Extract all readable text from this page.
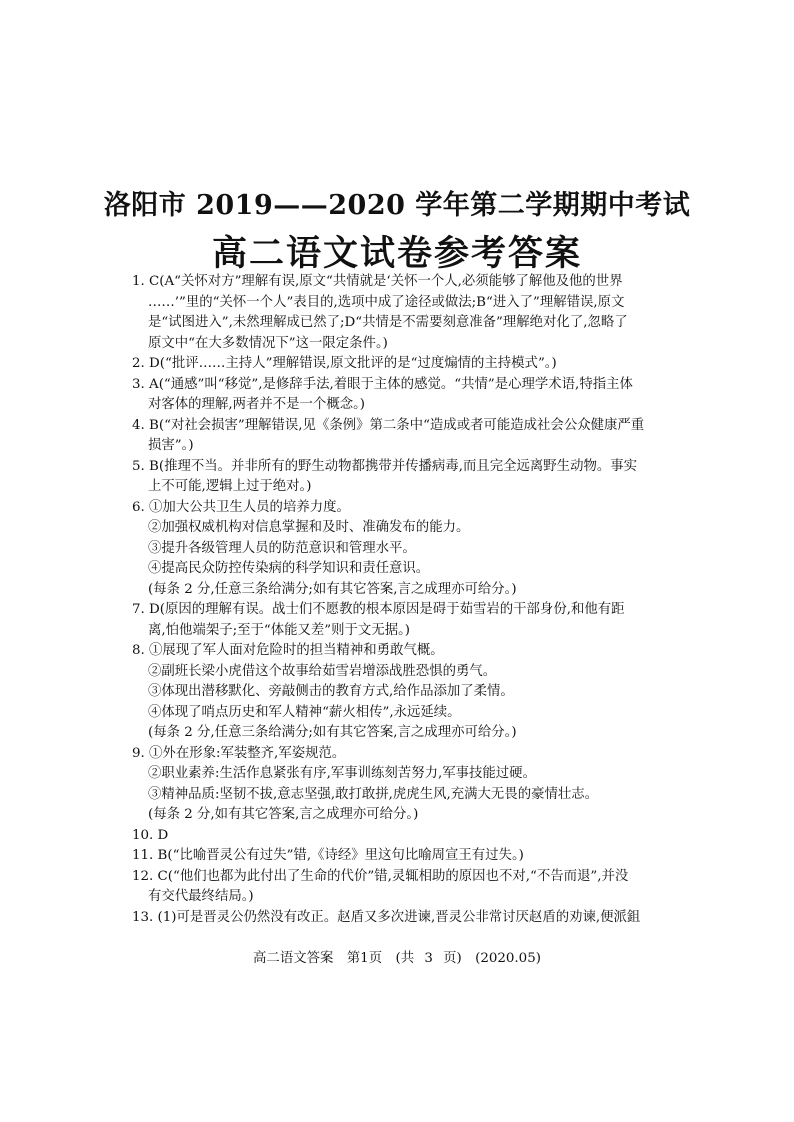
洛阳市 2019——2020 学年第二学期期中考试
高二语文试卷参考答案
1. C(A“关怀对方”理解有误,原文“共情就是‘关怀一个人,必须能够了解他及他的世界
……’”里的“关怀一个人”表目的,选项中成了途径或做法;B“进入了”理解错误,原文
是“试图进入”,未然理解成已然了;D“共情是不需要刻意准备”理解绝对化了,忽略了
原文中“在大多数情况下”这一限定条件。)
2. D(“批评……主持人”理解错误,原文批评的是“过度煽情的主持模式”。)
3. A(“通感”叫“移觉”,是修辞手法,着眼于主体的感觉。“共情”是心理学术语,特指主体
对客体的理解,两者并不是一个概念。)
4. B(“对社会损害”理解错误,见《条例》第二条中“造成或者可能造成社会公众健康严重
损害”。)
5. B(推理不当。并非所有的野生动物都携带并传播病毒,而且完全远离野生动物。事实
上不可能,逻辑上过于绝对。)
6. ①加大公共卫生人员的培养力度。
②加强权威机构对信息掌握和及时、准确发布的能力。
③提升各级管理人员的防范意识和管理水平。
④提高民众防控传染病的科学知识和责任意识。
(每条 2 分,任意三条给满分;如有其它答案,言之成理亦可给分。)
7. D(原因的理解有误。战士们不愿教的根本原因是碍于茹雪岩的干部身份,和他有距
离,怕他端架子;至于“体能又差”则于文无据。)
8. ①展现了军人面对危险时的担当精神和勇敢气概。
②副班长梁小虎借这个故事给茹雪岩增添战胜恐惧的勇气。
③体现出潜移默化、旁敲侧击的教育方式,给作品添加了柔情。
④体现了哨点历史和军人精神“薪火相传”,永远延续。
(每条 2 分,任意三条给满分;如有其它答案,言之成理亦可给分。)
9. ①外在形象:军装整齐,军姿规范。
②职业素养:生活作息紧张有序,军事训练刻苦努力,军事技能过硬。
③精神品质:坚韧不拔,意志坚强,敢打敢拼,虎虎生风,充满大无畏的豪情壮志。
(每条 2 分,如有其它答案,言之成理亦可给分。)
10. D
11. B(“比喻晋灵公有过失”错,《诗经》里这句比喻周宣王有过失。)
12. C(“他们也都为此付出了生命的代价”错,灵辄相助的原因也不对,“不告而退”,并没
有交代最终结局。)
13. (1)可是晋灵公仍然没有改正。赵盾又多次进谏,晋灵公非常讨厌赵盾的劝谏,便派鉏
高二语文答案　第1页　(共 3 页)　(2020.05)
